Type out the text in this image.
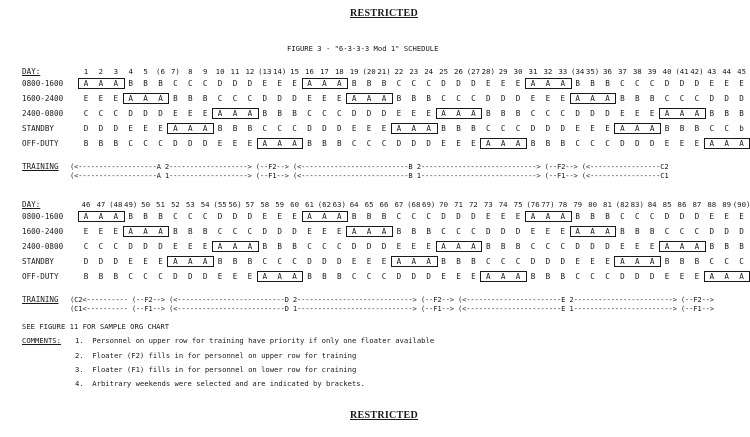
RESTRICTED
FIGURE 3 - "6-3-3-3 Mod 1" SCHEDULE
DAY:	1	2	3	4	5	(6 7)	8	9	10 11 12 (13 14) 15 16 17 18 19 (20 21) 22 23 24 25 26 (27 28) 29 30 31 32 33 (34 35) 36 37 38 39 40 (41 42) 43 44 45
0800-1600	A	A	A	B	B	B	C	C	C	D	D	D	E	E	E	A	A	A	B	B	B	C	C	C	D	D	D	E	E	E	A	A	A	B	B	B	C	C	C	D	D	D	E	E	E
1600-2400	E	E	E	A	A	A	B	B	B	C	C	C	D	D	D	E	E	E	A	A	A	B	B	B	C	C	C	D	D	D	E	E	E	A	A	A	B	B	B	C	C	C	D	D	D
2400-0800	C	C	C	D	D	D	E	E	E	A	A	A	B	B	B	C	C	C	D	D	D	E	E	E	A	A	A	B	B	B	C	C	C	D	D	D	E	E	E	A	A	A	B	B	B
STANDBY	D	D	D	E	E	E	A	A	A	B	B	B	C	C	C	D	D	D	E	E	E	A	A	A	B	B	B	C	C	C	D	D	D	E	E	E	A	A	A	B	B	B	C	C	b
OFF-DUTY	B	B	B	C	C	C	D	D	D	E	E	E	A	A	A	B	B	B	C	C	C	D	D	D	E	E	E	A	A	A	B	B	B	C	C	C	D	D	D	E	E	E	A	A	A
TRAINING (<-------------------A 2-------------------> (--F2--> (<--------------------------B 2----------------------------> (--F2--> (<-----------------C2
(<-------------------A 1-------------------> (--F1--> (<--------------------------B 1----------------------------> (--F1--> (<-----------------C1
DAY:	46 47 (48 49) 50 51 52 53 54 (55 56) 57 58 59 60 61 (62 63) 64 65 66 67 (68 69) 70 71 72 73 74 75 (76 77) 78 79 80 81 (82 83) 84 85 86 87 88 89 (90)
0800-1600	A	A	A	B	B	B	C	C	C	D	D	D	E	E	E	A	A	A	B	B	B	C	C	C	D	D	D	E	E	E	A	A	A	B	B	B	C	C	C	D	D	D	E	E	E
1600-2400	E	E	E	A	A	A	B	B	B	C	C	C	D	D	D	E	E	E	A	A	A	B	B	B	C	C	C	D	D	D	E	E	E	A	A	A	B	B	B	C	C	C	D	D	D
2400-0800	C	C	C	D	D	D	E	E	E	A	A	A	B	B	B	C	C	C	D	D	D	E	E	E	A	A	A	B	B	B	C	C	C	D	D	D	E	E	E	A	A	A	B	B	B
STANDBY	D	D	D	E	E	E	A	A	A	B	B	B	C	C	C	D	D	D	E	E	E	A	A	A	B	B	B	C	C	C	D	D	D	E	E	E	A	A	A	B	B	B	C	C	C
OFF-DUTY	B	B	B	C	C	C	D	D	D	E	E	E	A	A	A	B	B	B	C	C	C	D	D	D	E	E	E	A	A	A	B	B	B	C	C	C	D	D	D	E	E	E	A	A	A
TRAINING (C2<---------- (--F2--> (<--------------------------D 2----------------------------> (--F2--> (<-----------------------E 2------------------------> (--F2-->
(C1<---------- (--F1--> (<--------------------------D 1----------------------------> (--F1--> (<-----------------------E 1------------------------> (--F1-->
SEE FIGURE 11 FOR SAMPLE ORG CHART
COMMENTS: 1.  Personnel on upper row for training have priority if only one floater available
2.  Floater (F2) fills in for personnel on upper row for training
3.  Floater (F1) fills in for personnel on lower row for craining
4.  Arbitrary weekends were selected and are indicated by brackets.
RESTRICTED
